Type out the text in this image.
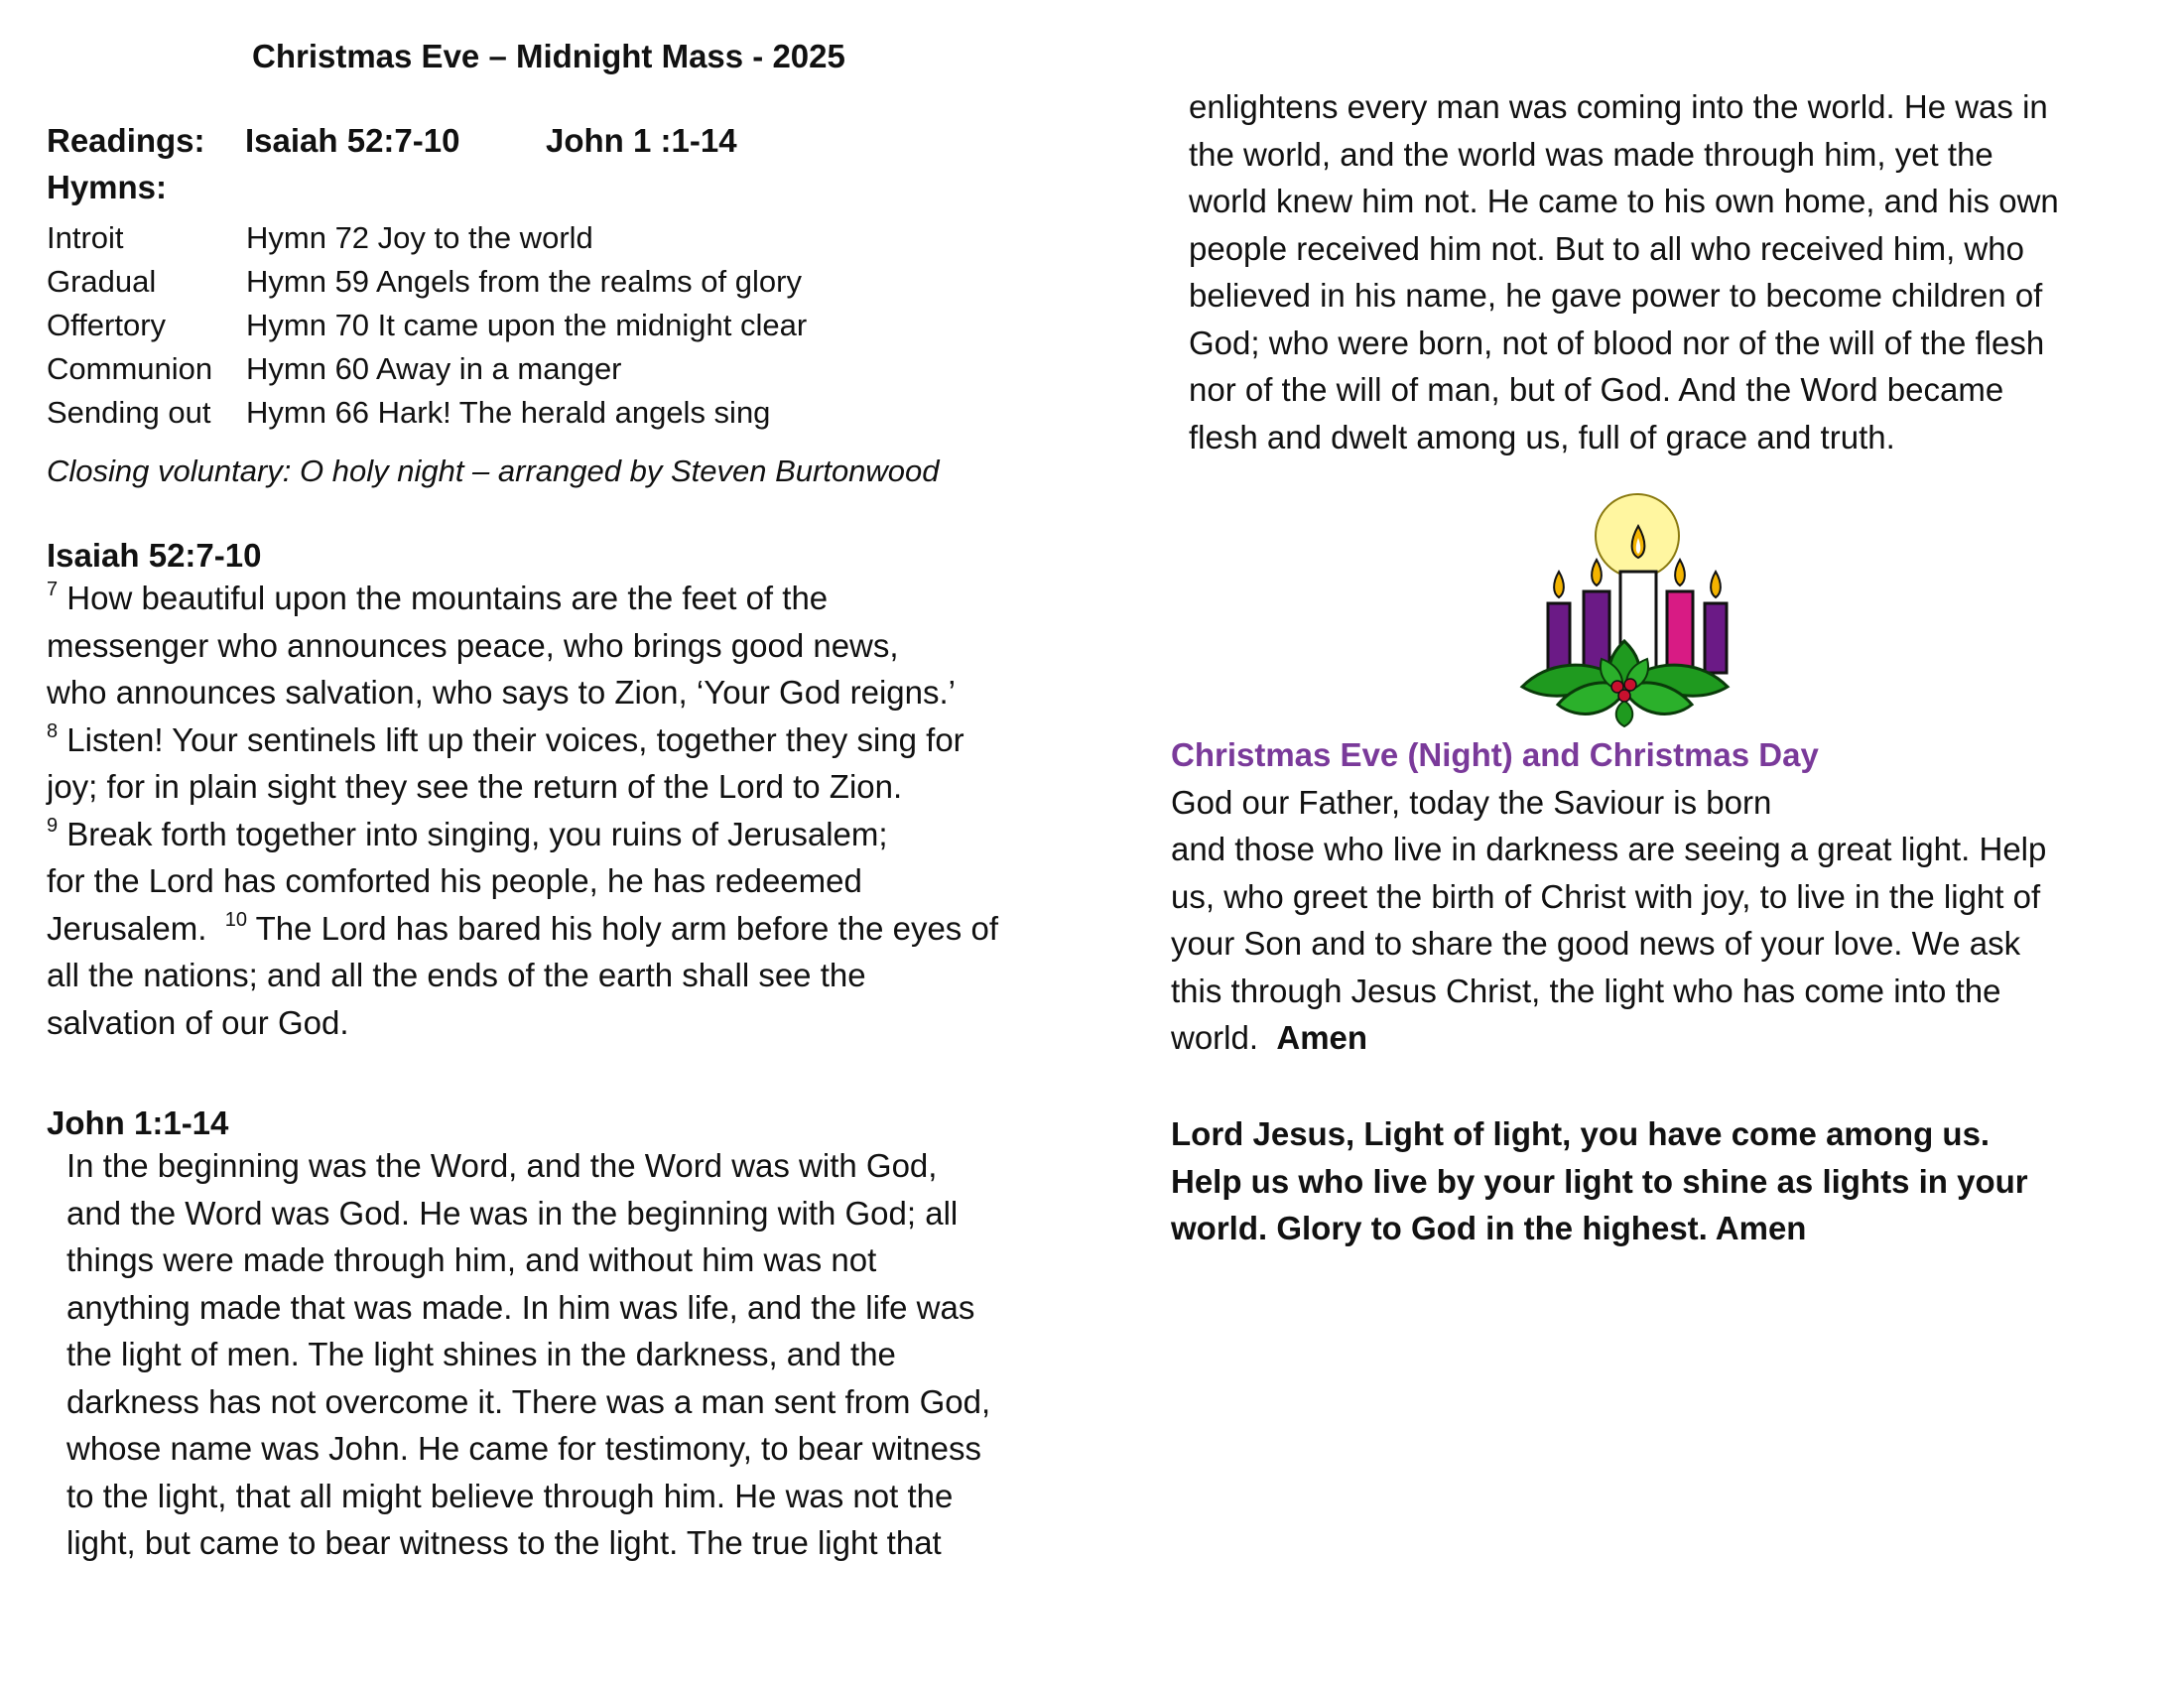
Christmas Eve – Midnight Mass - 2025
Readings: Isaiah 52:7-10	John 1 :1-14
Hymns:
Introit	Hymn 72 Joy to the world
Gradual	Hymn 59 Angels from the realms of glory
Offertory	Hymn 70 It came upon the midnight clear
Communion	Hymn 60 Away in a manger
Sending out	Hymn 66 Hark! The herald angels sing
Closing voluntary: O holy night – arranged by Steven Burtonwood
Isaiah 52:7-10
$^7$ How beautiful upon the mountains are the feet of the
messenger who announces peace, who brings good news,
who announces salvation, who says to Zion, ‘Your God reigns.’
$^8$ Listen! Your sentinels lift up their voices, together they sing for
joy; for in plain sight they see the return of the Lord to Zion.
$^9$ Break forth together into singing, you ruins of Jerusalem;
for the Lord has comforted his people, he has redeemed
Jerusalem.  $^{10}$ The Lord has bared his holy arm before the eyes of
all the nations; and all the ends of the earth shall see the
salvation of our God.
John 1:1-14
In the beginning was the Word, and the Word was with God,
and the Word was God. He was in the beginning with God; all
things were made through him, and without him was not
anything made that was made. In him was life, and the life was
the light of men. The light shines in the darkness, and the
darkness has not overcome it. There was a man sent from God,
whose name was John. He came for testimony, to bear witness
to the light, that all might believe through him. He was not the
light, but came to bear witness to the light. The true light that
enlightens every man was coming into the world. He was in
the world, and the world was made through him, yet the
world knew him not. He came to his own home, and his own
people received him not. But to all who received him, who
believed in his name, he gave power to become children of
God; who were born, not of blood nor of the will of the flesh
nor of the will of man, but of God. And the Word became
flesh and dwelt among us, full of grace and truth.
Christmas Eve (Night) and Christmas Day
God our Father, today the Saviour is born
and those who live in darkness are seeing a great light. Help
us, who greet the birth of Christ with joy, to live in the light of
your Son and to share the good news of your love. We ask
this through Jesus Christ, the light who has come into the
world.  Amen
Lord Jesus, Light of light, you have come among us.
Help us who live by your light to shine as lights in your
world. Glory to God in the highest. Amen
